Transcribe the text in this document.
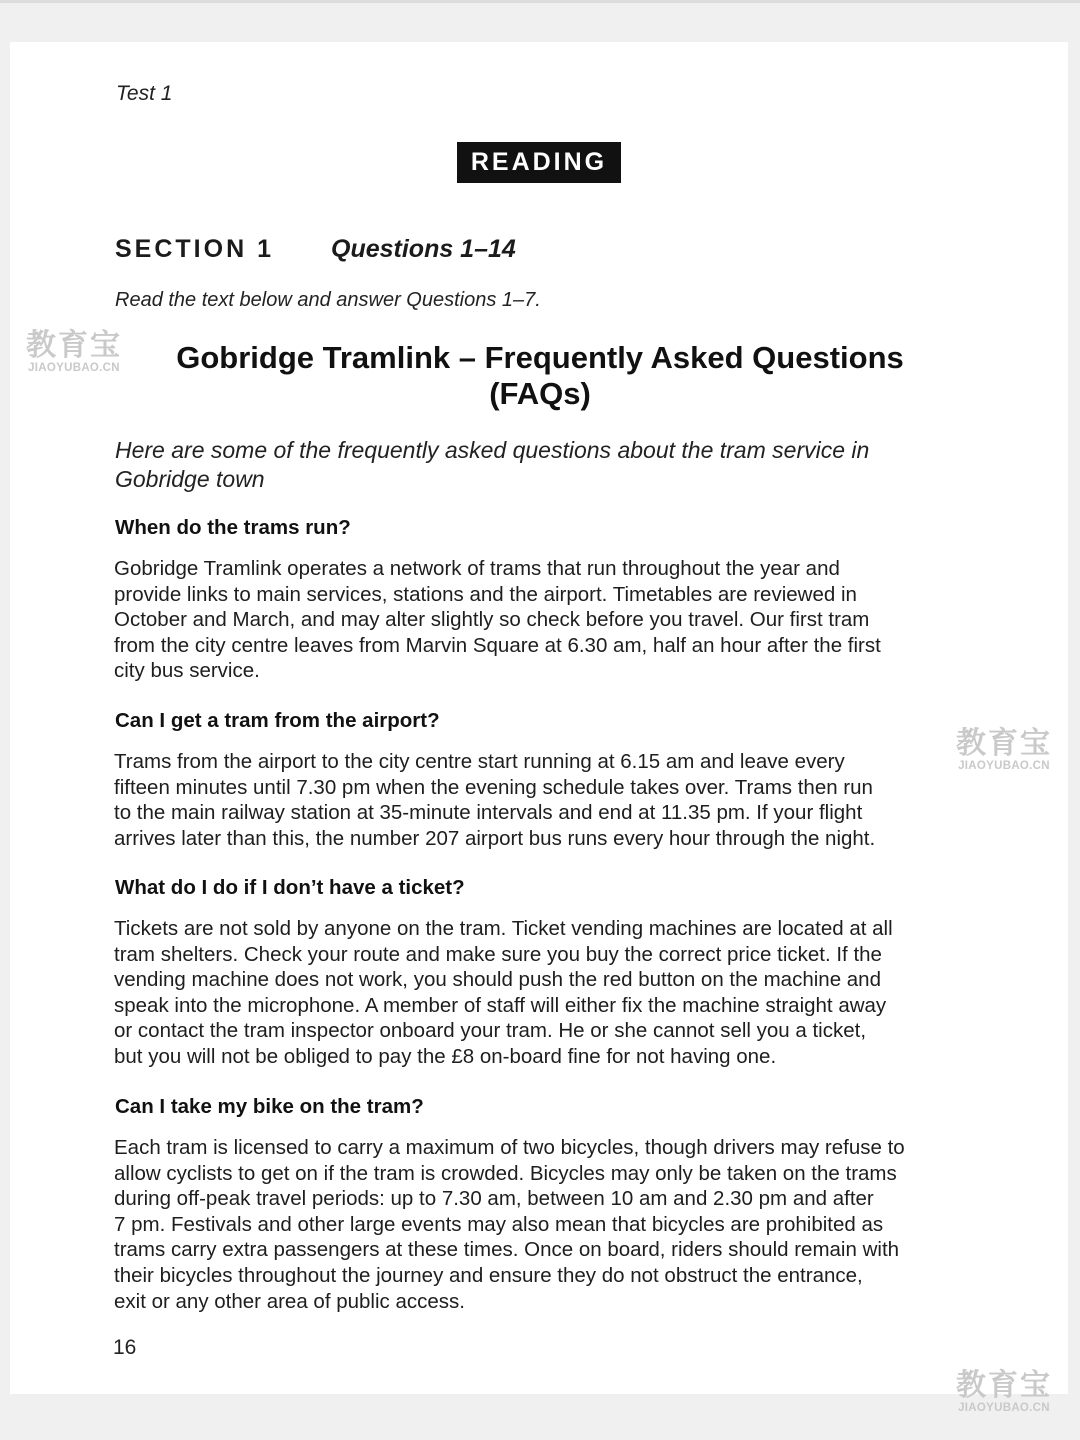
Test 1
READING
SECTION 1 Questions 1–14
Read the text below and answer Questions 1–7.
Gobridge Tramlink – Frequently Asked Questions
(FAQs)
Here are some of the frequently asked questions about the tram service in
Gobridge town
When do the trams run?
Gobridge Tramlink operates a network of trams that run throughout the year and
provide links to main services, stations and the airport. Timetables are reviewed in
October and March, and may alter slightly so check before you travel. Our first tram
from the city centre leaves from Marvin Square at 6.30 am, half an hour after the first
city bus service.
Can I get a tram from the airport?
Trams from the airport to the city centre start running at 6.15 am and leave every
fifteen minutes until 7.30 pm when the evening schedule takes over. Trams then run
to the main railway station at 35-minute intervals and end at 11.35 pm. If your flight
arrives later than this, the number 207 airport bus runs every hour through the night.
What do I do if I don’t have a ticket?
Tickets are not sold by anyone on the tram. Ticket vending machines are located at all
tram shelters. Check your route and make sure you buy the correct price ticket. If the
vending machine does not work, you should push the red button on the machine and
speak into the microphone. A member of staff will either fix the machine straight away
or contact the tram inspector onboard your tram. He or she cannot sell you a ticket,
but you will not be obliged to pay the £8 on-board fine for not having one.
Can I take my bike on the tram?
Each tram is licensed to carry a maximum of two bicycles, though drivers may refuse to
allow cyclists to get on if the tram is crowded. Bicycles may only be taken on the trams
during off-peak travel periods: up to 7.30 am, between 10 am and 2.30 pm and after
7 pm. Festivals and other large events may also mean that bicycles are prohibited as
trams carry extra passengers at these times. Once on board, riders should remain with
their bicycles throughout the journey and ensure they do not obstruct the entrance,
exit or any other area of public access.
16
教育宝
JIAOYUBAO.CN
教育宝
JIAOYUBAO.CN
教育宝
JIAOYUBAO.CN
